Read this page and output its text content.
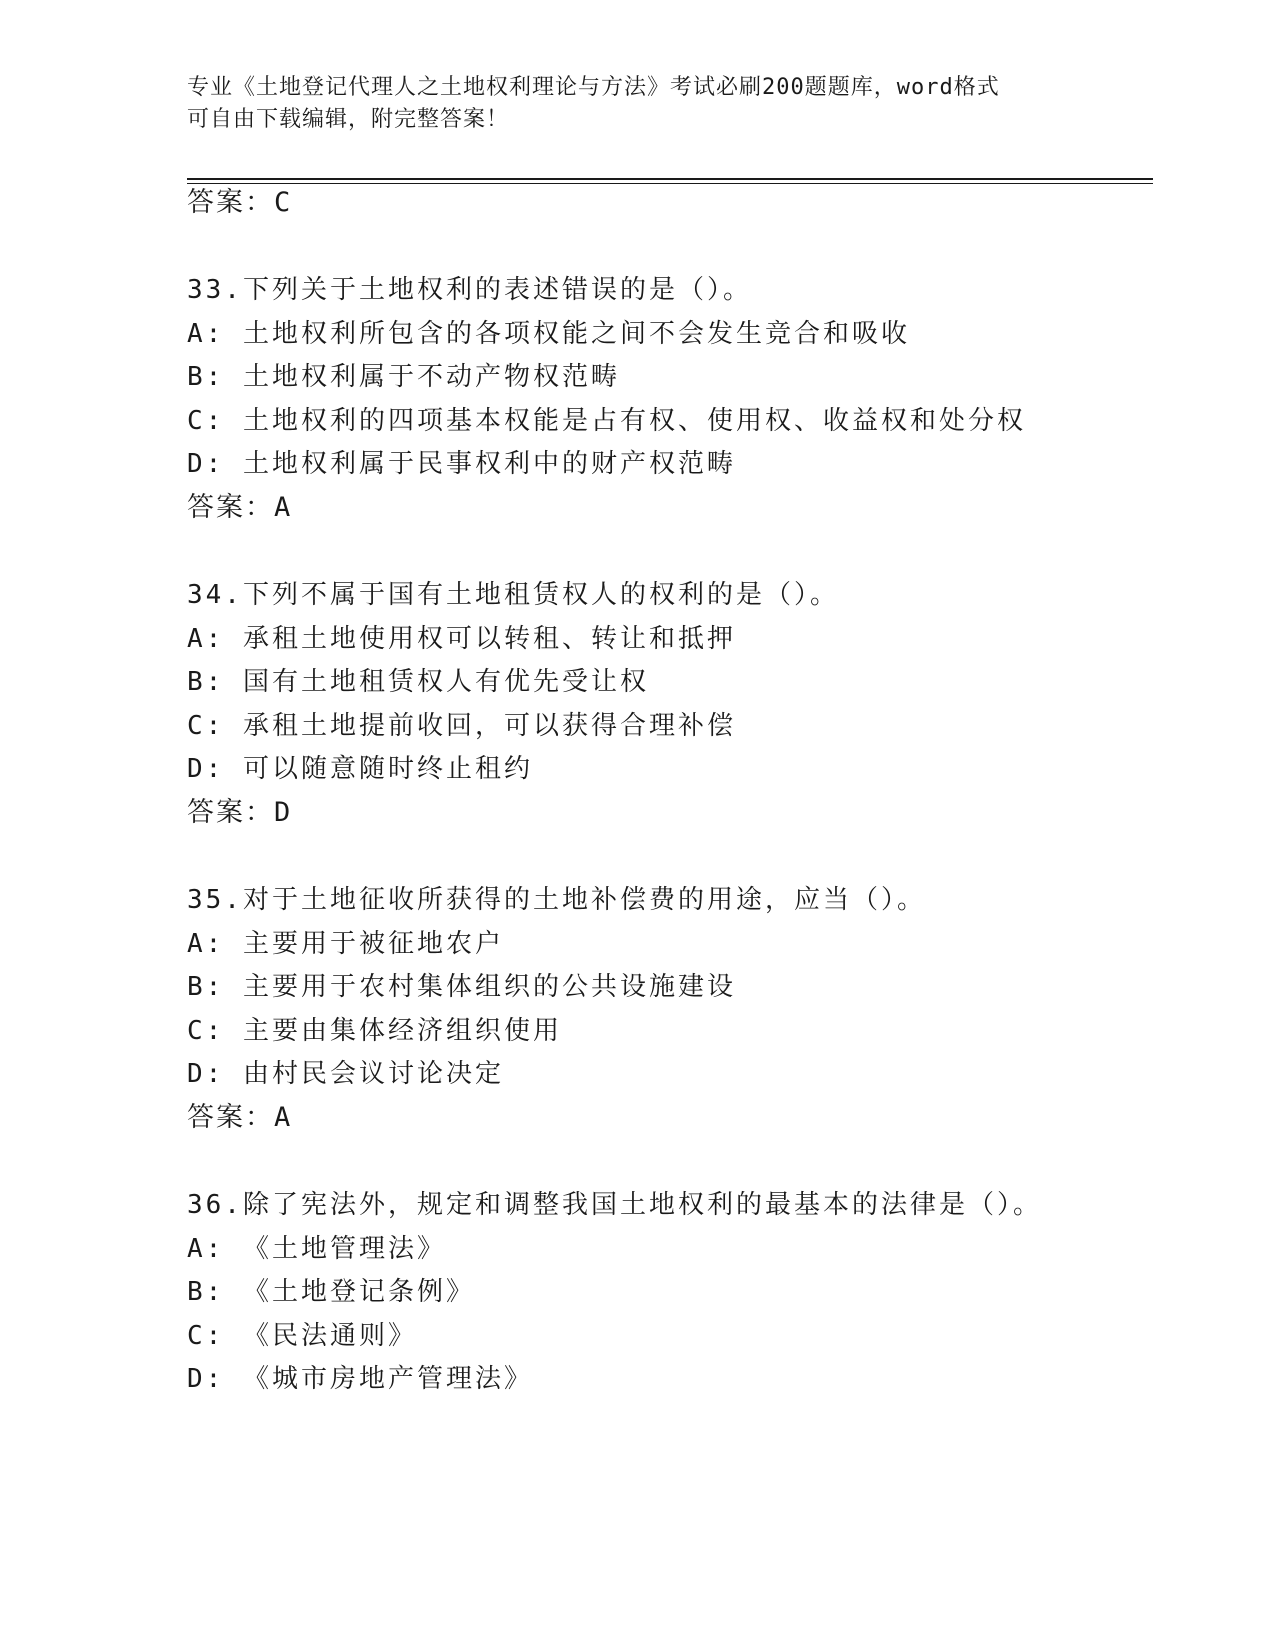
专业《土地登记代理人之土地权利理论与方法》考试必刷200题题库，word格式
可自由下载编辑，附完整答案！
答案：C
33.下列关于土地权利的表述错误的是（）。
A: 土地权利所包含的各项权能之间不会发生竞合和吸收
B: 土地权利属于不动产物权范畴
C: 土地权利的四项基本权能是占有权、使用权、收益权和处分权
D: 土地权利属于民事权利中的财产权范畴
答案：A
34.下列不属于国有土地租赁权人的权利的是（）。
A: 承租土地使用权可以转租、转让和抵押
B: 国有土地租赁权人有优先受让权
C: 承租土地提前收回，可以获得合理补偿
D: 可以随意随时终止租约
答案：D
35.对于土地征收所获得的土地补偿费的用途，应当（）。
A: 主要用于被征地农户
B: 主要用于农村集体组织的公共设施建设
C: 主要由集体经济组织使用
D: 由村民会议讨论决定
答案：A
36.除了宪法外，规定和调整我国土地权利的最基本的法律是（）。
A: 《土地管理法》
B: 《土地登记条例》
C: 《民法通则》
D: 《城市房地产管理法》
